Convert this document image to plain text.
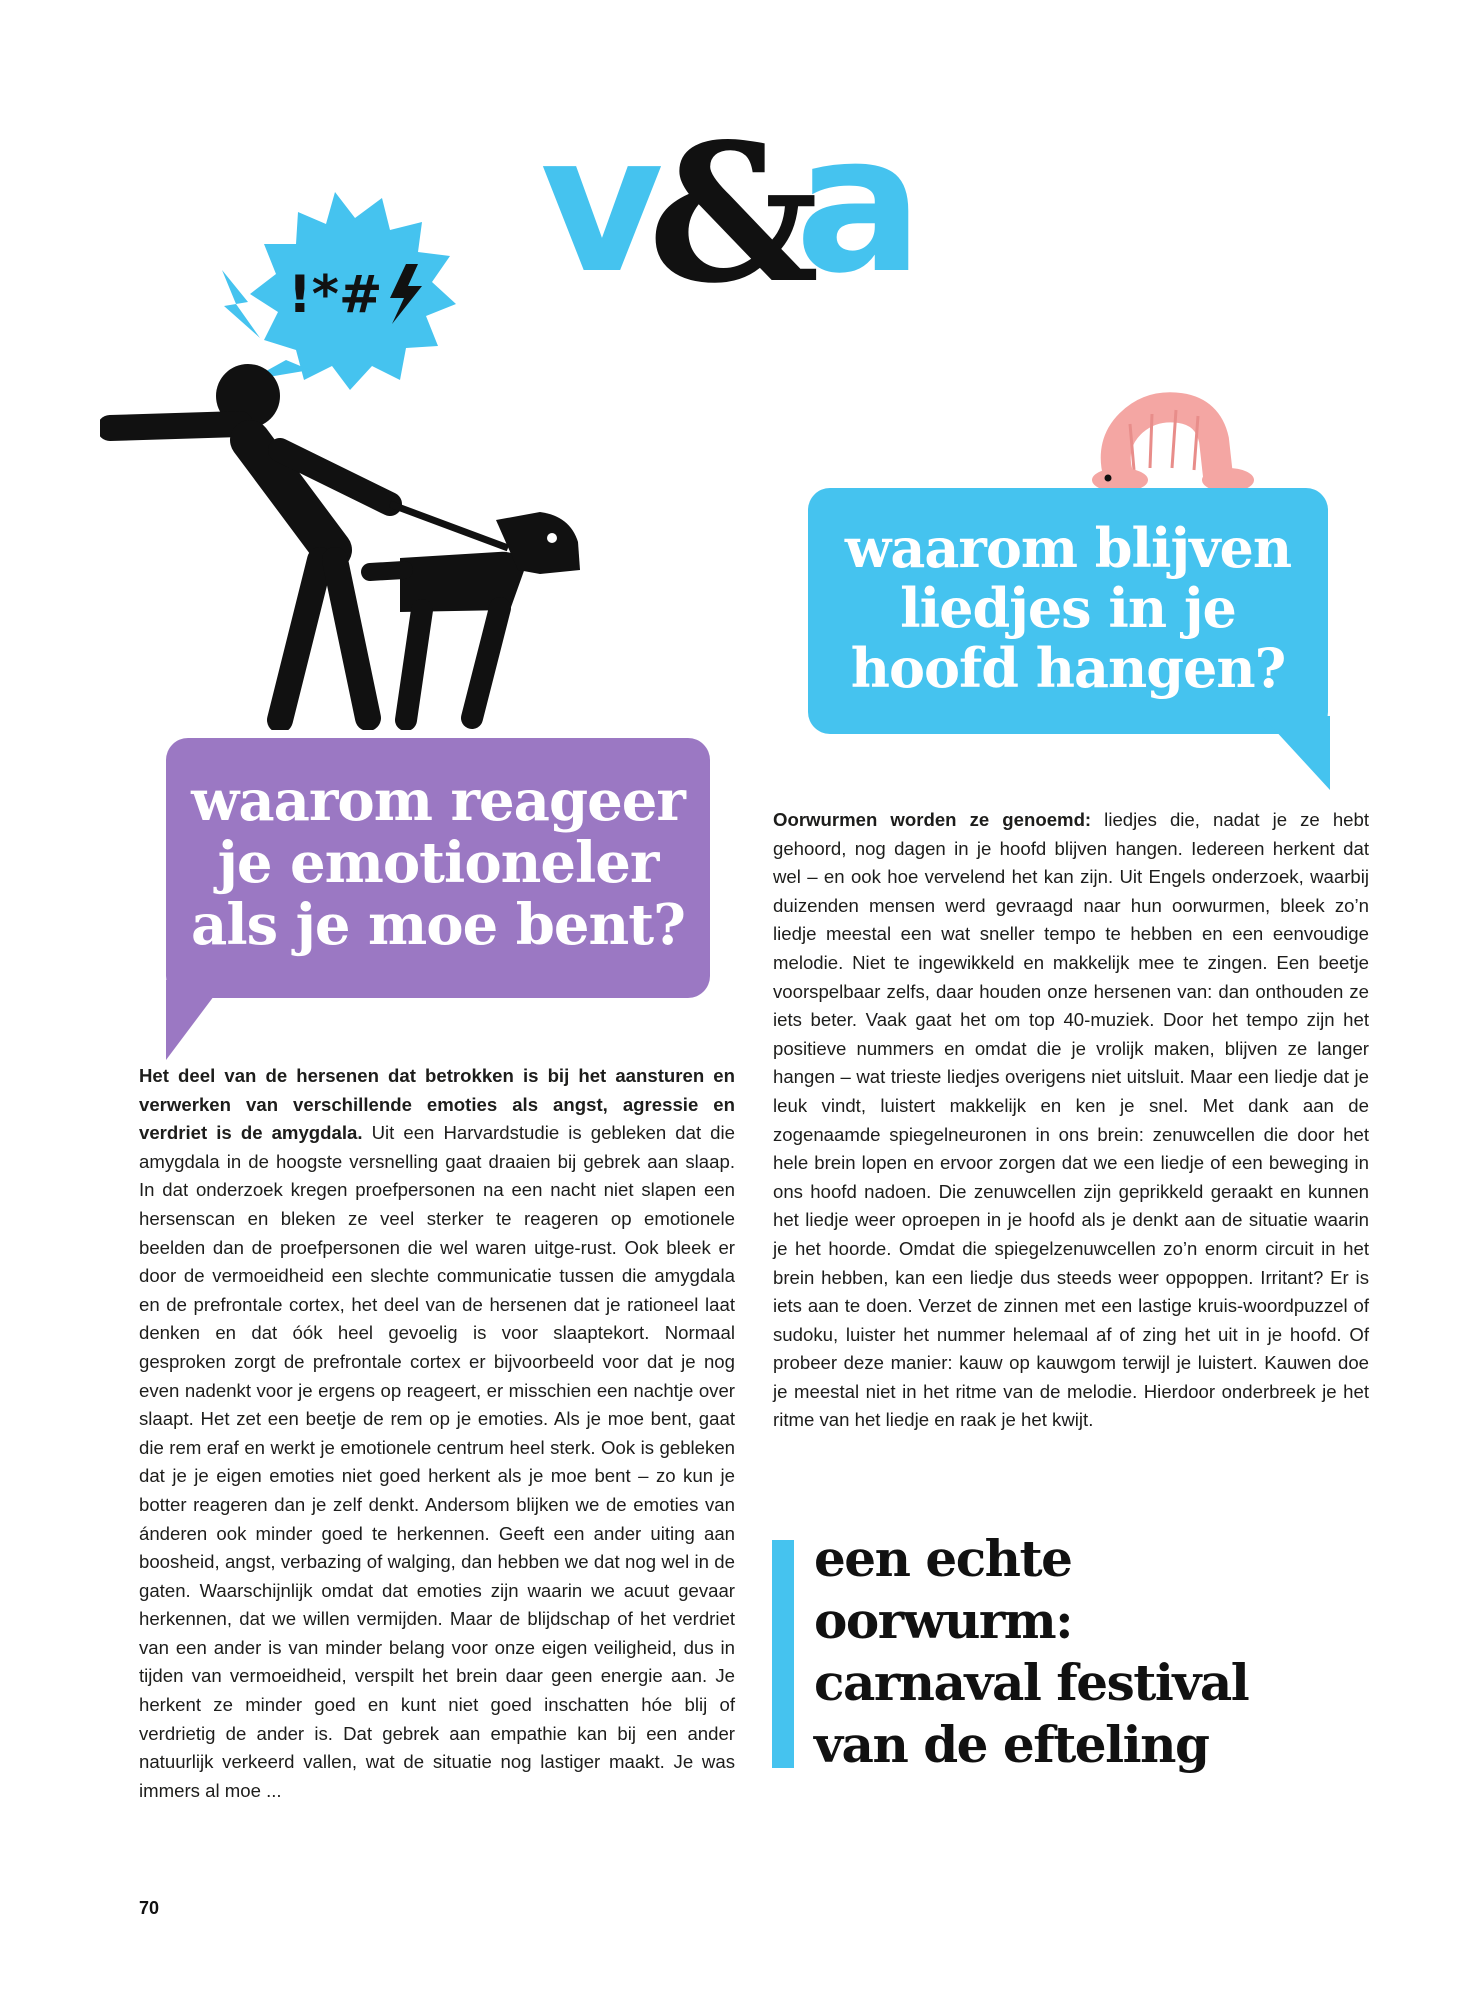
v
&
a
!*#
waarom reageer
je emotioneler
als je moe bent?
waarom blijven
liedjes in je
hoofd hangen?

Het deel van de hersenen dat betrokken is bij het aansturen en verwerken van verschillende emoties als angst, agressie en verdriet is de amygdala. Uit een Harvardstudie is gebleken dat die amygdala in de hoogste versnelling gaat draaien bij gebrek aan slaap. In dat onderzoek kregen proefpersonen na een nacht niet slapen een hersenscan en bleken ze veel sterker te reageren op emotionele beelden dan de proefpersonen die wel waren uitge-rust. Ook bleek er door de vermoeidheid een slechte communicatie tussen die amygdala en de prefrontale cortex, het deel van de hersenen dat je rationeel laat denken en dat óók heel gevoelig is voor slaaptekort. Normaal gesproken zorgt de prefrontale cortex er bijvoorbeeld voor dat je nog even nadenkt voor je ergens op reageert, er misschien een nachtje over slaapt. Het zet een beetje de rem op je emoties. Als je moe bent, gaat die rem eraf en werkt je emotionele centrum heel sterk. Ook is gebleken dat je je eigen emoties niet goed herkent als je moe bent – zo kun je botter reageren dan je zelf denkt. Andersom blijken we de emoties van ánderen ook minder goed te herkennen. Geeft een ander uiting aan boosheid, angst, verbazing of walging, dan hebben we dat nog wel in de gaten. Waarschijnlijk omdat dat emoties zijn waarin we acuut gevaar herkennen, dat we willen vermijden. Maar de blijdschap of het verdriet van een ander is van minder belang voor onze eigen veiligheid, dus in tijden van vermoeidheid, verspilt het brein daar geen energie aan. Je herkent ze minder goed en kunt niet goed inschatten hóe blij of verdrietig de ander is. Dat gebrek aan empathie kan bij een ander natuurlijk verkeerd vallen, wat de situatie nog lastiger maakt. Je was immers al moe ...

Oorwurmen worden ze genoemd: liedjes die, nadat je ze hebt gehoord, nog dagen in je hoofd blijven hangen. Iedereen herkent dat wel – en ook hoe vervelend het kan zijn. Uit Engels onderzoek, waarbij duizenden mensen werd gevraagd naar hun oorwurmen, bleek zo’n liedje meestal een wat sneller tempo te hebben en een eenvoudige melodie. Niet te ingewikkeld en makkelijk mee te zingen. Een beetje voorspelbaar zelfs, daar houden onze hersenen van: dan onthouden ze iets beter. Vaak gaat het om top 40-muziek. Door het tempo zijn het positieve nummers en omdat die je vrolijk maken, blijven ze langer hangen – wat trieste liedjes overigens niet uitsluit. Maar een liedje dat je leuk vindt, luistert makkelijk en ken je snel. Met dank aan de zogenaamde spiegelneuronen in ons brein: zenuwcellen die door het hele brein lopen en ervoor zorgen dat we een liedje of een beweging in ons hoofd nadoen. Die zenuwcellen zijn geprikkeld geraakt en kunnen het liedje weer oproepen in je hoofd als je denkt aan de situatie waarin je het hoorde. Omdat die spiegelzenuwcellen zo’n enorm circuit in het brein hebben, kan een liedje dus steeds weer oppoppen. Irritant? Er is iets aan te doen. Verzet de zinnen met een lastige kruis-woordpuzzel of sudoku, luister het nummer helemaal af of zing het uit in je hoofd. Of probeer deze manier: kauw op kauwgom terwijl je luistert. Kauwen doe je meestal niet in het ritme van de melodie. Hierdoor onderbreek je het ritme van het liedje en raak je het kwijt.

een echte
oorwurm:
carnaval festival
van de efteling

70
